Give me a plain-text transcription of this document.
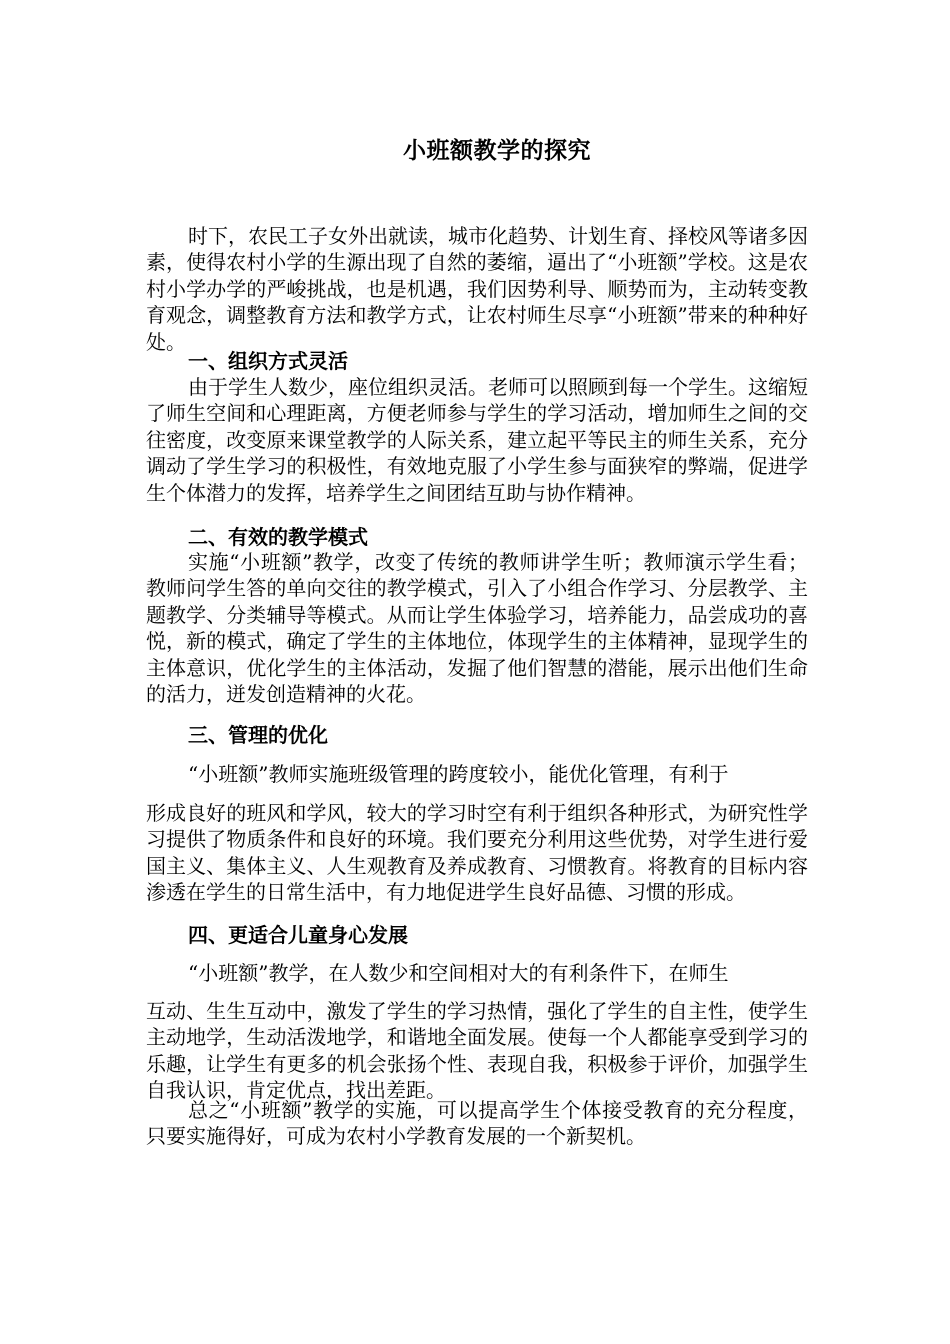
小班额教学的探究

时下，农民工子女外出就读，城市化趋势、计划生育、择校风等诸多因素，使得农村小学的生源出现了自然的萎缩，逼出了“小班额”学校。这是农村小学办学的严峻挑战，也是机遇，我们因势利导、顺势而为，主动转变教育观念，调整教育方法和教学方式，让农村师生尽享“小班额”带来的种种好处。

一、组织方式灵活

由于学生人数少，座位组织灵活。老师可以照顾到每一个学生。这缩短了师生空间和心理距离，方便老师参与学生的学习活动，增加师生之间的交往密度，改变原来课堂教学的人际关系，建立起平等民主的师生关系，充分调动了学生学习的积极性，有效地克服了小学生参与面狭窄的弊端，促进学生个体潜力的发挥，培养学生之间团结互助与协作精神。

二、有效的教学模式

实施“小班额”教学，改变了传统的教师讲学生听；教师演示学生看；教师问学生答的单向交往的教学模式，引入了小组合作学习、分层教学、主题教学、分类辅导等模式。从而让学生体验学习，培养能力，品尝成功的喜悦，新的模式，确定了学生的主体地位，体现学生的主体精神，显现学生的主体意识，优化学生的主体活动，发掘了他们智慧的潜能，展示出他们生命的活力，迸发创造精神的火花。

三、管理的优化

“小班额”教师实施班级管理的跨度较小，能优化管理，有利于

形成良好的班风和学风，较大的学习时空有利于组织各种形式，为研究性学习提供了物质条件和良好的环境。我们要充分利用这些优势，对学生进行爱国主义、集体主义、人生观教育及养成教育、习惯教育。将教育的目标内容渗透在学生的日常生活中，有力地促进学生良好品德、习惯的形成。

四、更适合儿童身心发展

“小班额”教学，在人数少和空间相对大的有利条件下，在师生

互动、生生互动中，激发了学生的学习热情，强化了学生的自主性，使学生主动地学，生动活泼地学，和谐地全面发展。使每一个人都能享受到学习的乐趣，让学生有更多的机会张扬个性、表现自我，积极参于评价，加强学生自我认识，肯定优点，找出差距。

总之“小班额”教学的实施，可以提高学生个体接受教育的充分程度，只要实施得好，可成为农村小学教育发展的一个新契机。
